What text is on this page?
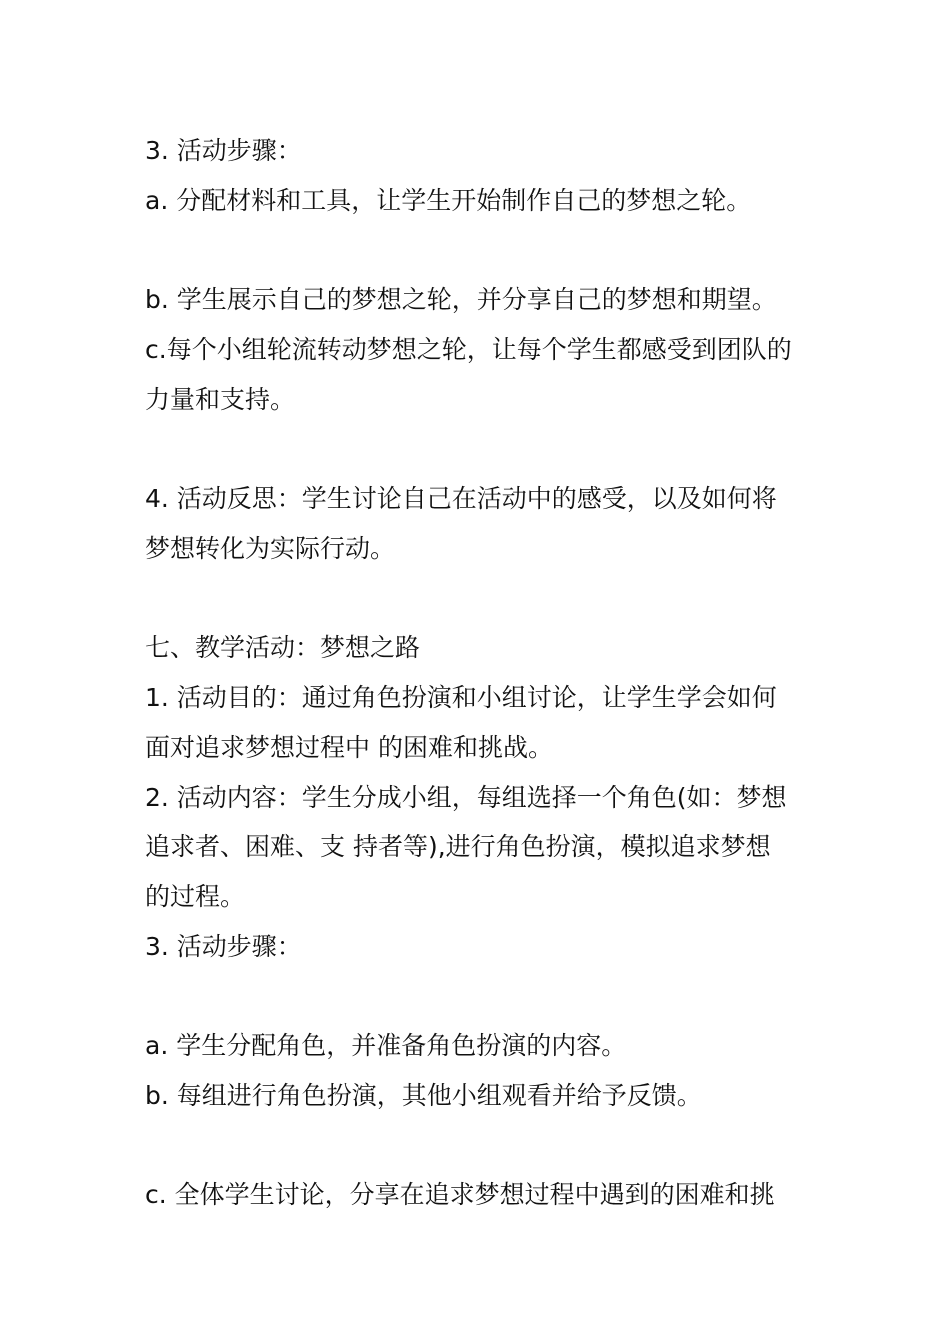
3. 活动步骤：
a. 分配材料和工具，让学生开始制作自己的梦想之轮。
b. 学生展示自己的梦想之轮，并分享自己的梦想和期望。
c.每个小组轮流转动梦想之轮，让每个学生都感受到团队的
力量和支持。
4. 活动反思：学生讨论自己在活动中的感受，以及如何将
梦想转化为实际行动。
七、教学活动：梦想之路
1. 活动目的：通过角色扮演和小组讨论，让学生学会如何
面对追求梦想过程中 的困难和挑战。
2. 活动内容：学生分成小组，每组选择一个角色(如：梦想
追求者、困难、支 持者等),进行角色扮演，模拟追求梦想
的过程。
3. 活动步骤：
a. 学生分配角色，并准备角色扮演的内容。
b. 每组进行角色扮演，其他小组观看并给予反馈。
c. 全体学生讨论，分享在追求梦想过程中遇到的困难和挑
